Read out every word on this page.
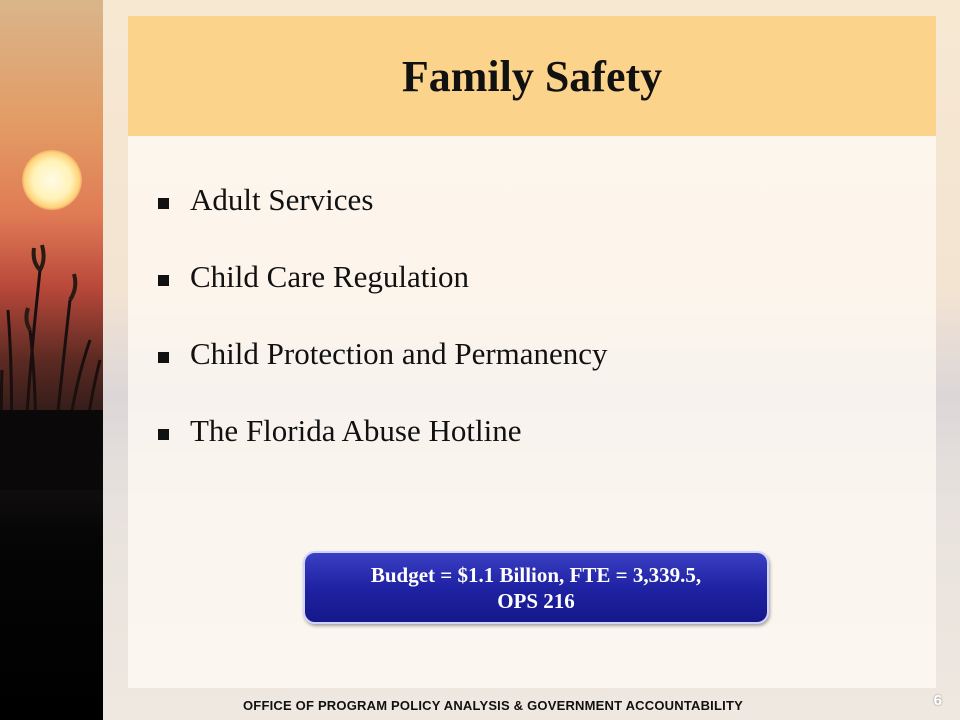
Family Safety
Adult Services
Child Care Regulation
Child Protection and Permanency
The Florida Abuse Hotline
Budget = $1.1 Billion, FTE = 3,339.5,
OPS 216
OFFICE OF PROGRAM POLICY ANALYSIS & GOVERNMENT ACCOUNTABILITY	6
